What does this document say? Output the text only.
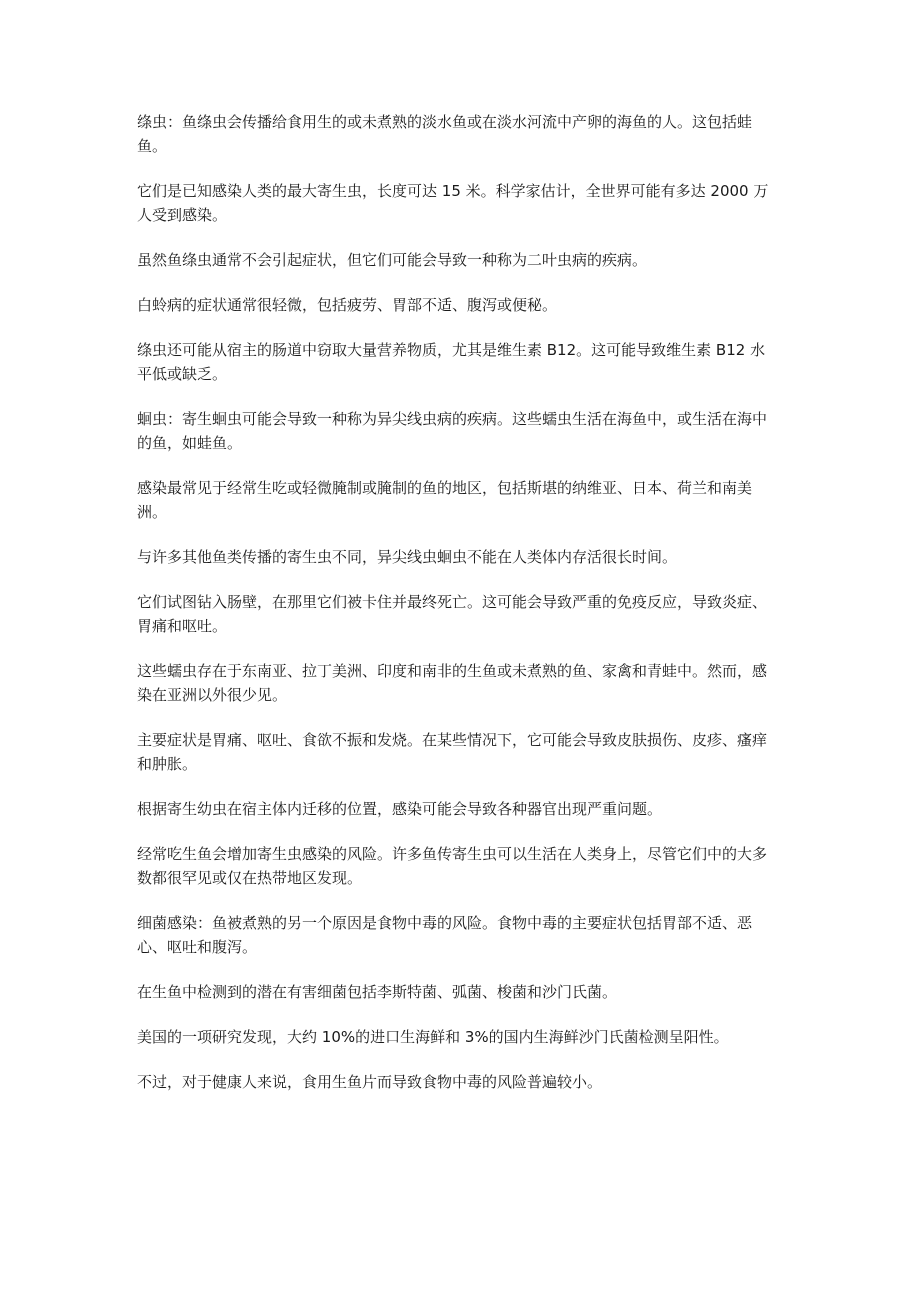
绦虫：鱼绦虫会传播给食用生的或未煮熟的淡水鱼或在淡水河流中产卵的海鱼的人。这包括蛙鱼。

它们是已知感染人类的最大寄生虫，长度可达 15 米。科学家估计，全世界可能有多达 2000 万人受到感染。

虽然鱼绦虫通常不会引起症状，但它们可能会导致一种称为二叶虫病的疾病。

白蛉病的症状通常很轻微，包括疲劳、胃部不适、腹泻或便秘。

绦虫还可能从宿主的肠道中窃取大量营养物质，尤其是维生素 B12。这可能导致维生素 B12 水平低或缺乏。

蛔虫：寄生蛔虫可能会导致一种称为异尖线虫病的疾病。这些蠕虫生活在海鱼中，或生活在海中的鱼，如蛙鱼。

感染最常见于经常生吃或轻微腌制或腌制的鱼的地区，包括斯堪的纳维亚、日本、荷兰和南美洲。

与许多其他鱼类传播的寄生虫不同，异尖线虫蛔虫不能在人类体内存活很长时间。

它们试图钻入肠壁，在那里它们被卡住并最终死亡。这可能会导致严重的免疫反应，导致炎症、胃痛和呕吐。

这些蠕虫存在于东南亚、拉丁美洲、印度和南非的生鱼或未煮熟的鱼、家禽和青蛙中。然而，感染在亚洲以外很少见。

主要症状是胃痛、呕吐、食欲不振和发烧。在某些情况下，它可能会导致皮肤损伤、皮疹、瘙痒和肿胀。

根据寄生幼虫在宿主体内迁移的位置，感染可能会导致各种器官出现严重问题。

经常吃生鱼会增加寄生虫感染的风险。许多鱼传寄生虫可以生活在人类身上，尽管它们中的大多数都很罕见或仅在热带地区发现。

细菌感染：鱼被煮熟的另一个原因是食物中毒的风险。食物中毒的主要症状包括胃部不适、恶心、呕吐和腹泻。

在生鱼中检测到的潜在有害细菌包括李斯特菌、弧菌、梭菌和沙门氏菌。

美国的一项研究发现，大约 10%的进口生海鲜和 3%的国内生海鲜沙门氏菌检测呈阳性。

不过，对于健康人来说，食用生鱼片而导致食物中毒的风险普遍较小。
